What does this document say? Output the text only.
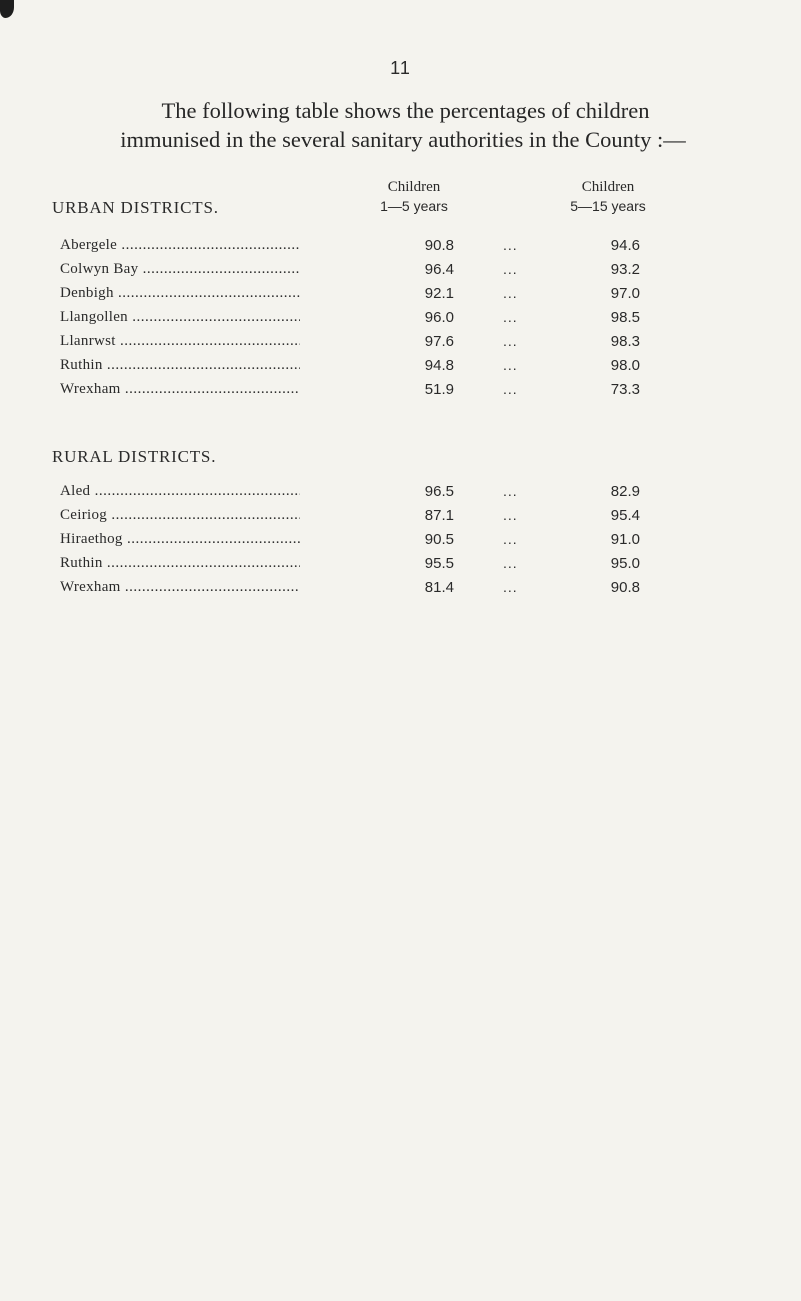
11
The following table shows the percentages of children
immunised in the several sanitary authorities in the County :—
URBAN DISTRICTS.
Children
1—5 years
Children
5—15 years
Abergele .....	90.8	...	94.6
Colwyn Bay .....	96.4	...	93.2
Denbigh .....	92.1	...	97.0
Llangollen .....	96.0	...	98.5
Llanrwst .....	97.6	...	98.3
Ruthin .....	94.8	...	98.0
Wrexham .....	51.9	...	73.3
RURAL DISTRICTS.
Aled .....	96.5	...	82.9
Ceiriog .....	87.1	...	95.4
Hiraethog .....	90.5	...	91.0
Ruthin .....	95.5	...	95.0
Wrexham .....	81.4	...	90.8
